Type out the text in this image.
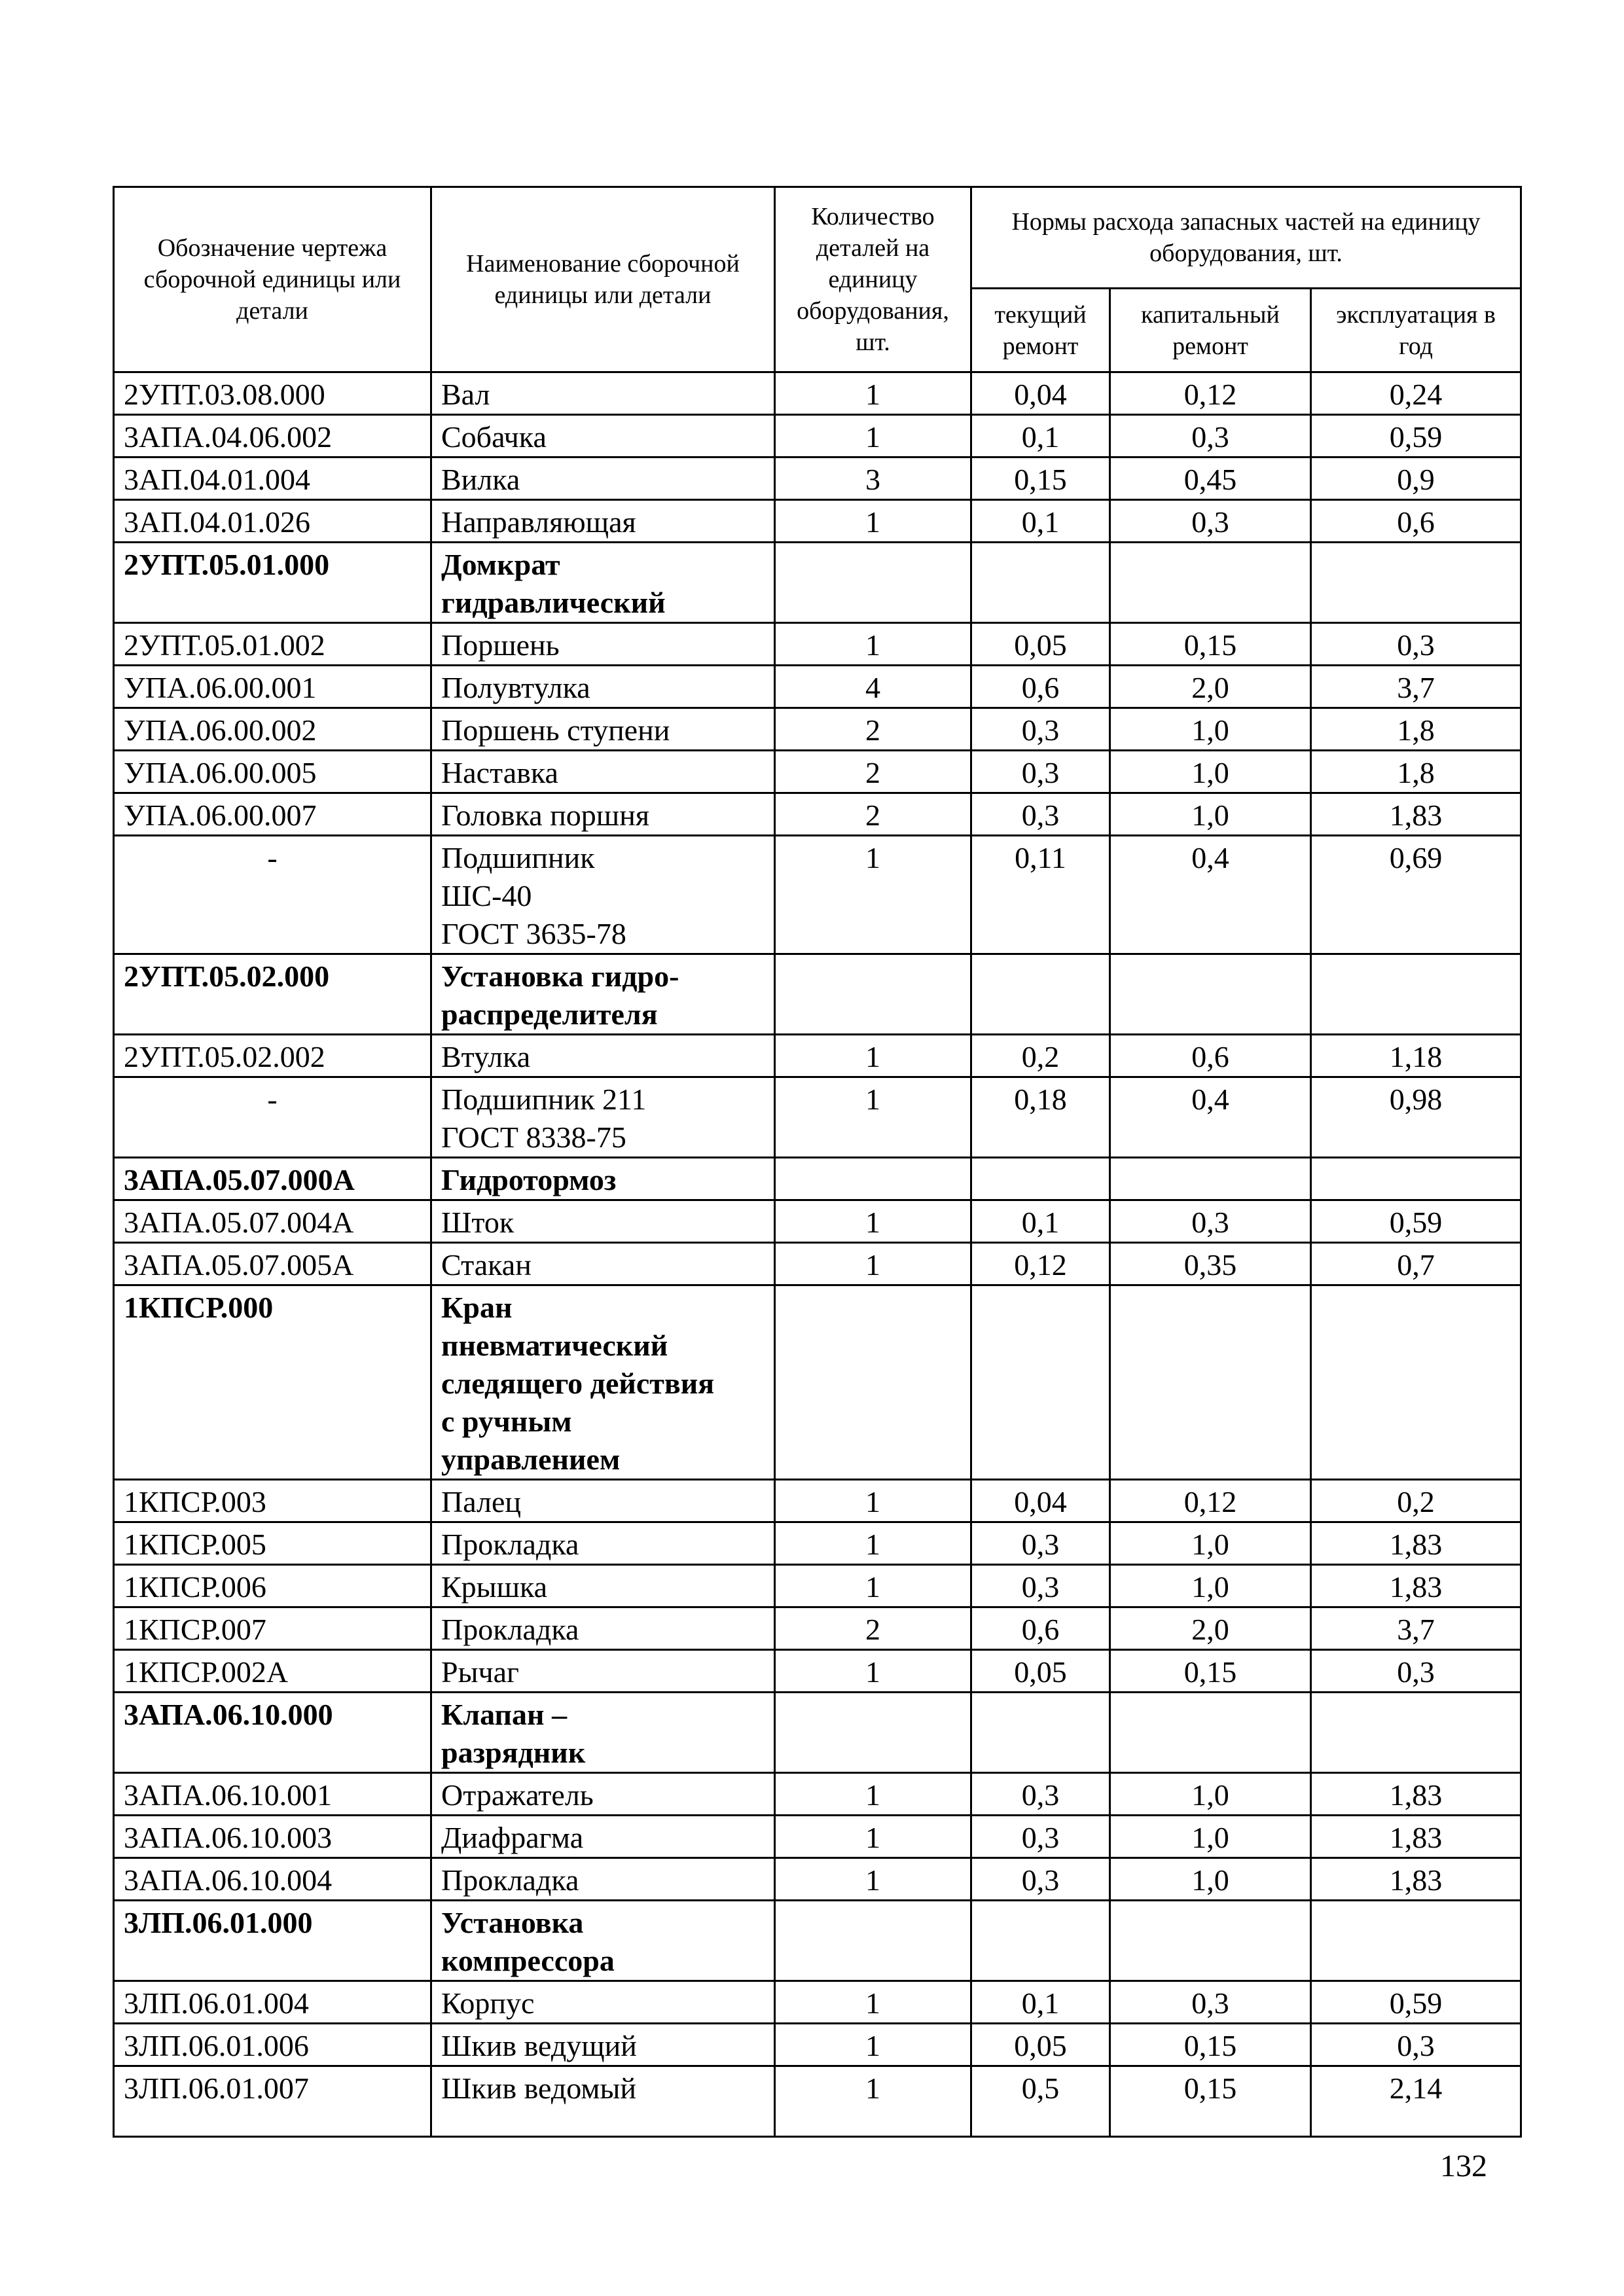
Обозначение чертежа сборочной единицы или детали	Наименование сборочной единицы или детали	Количество деталей на единицу оборудования, шт.	Нормы расхода запасных частей на единицу оборудования, шт.		
			текущий ремонт	капитальный ремонт	эксплуатация в год
2УПТ.03.08.000	Вал	1	0,04	0,12	0,24
3АПА.04.06.002	Собачка	1	0,1	0,3	0,59
3АП.04.01.004	Вилка	3	0,15	0,45	0,9
3АП.04.01.026	Направляющая	1	0,1	0,3	0,6
2УПТ.05.01.000	Домкрат гидравлический				
2УПТ.05.01.002	Поршень	1	0,05	0,15	0,3
УПА.06.00.001	Полувтулка	4	0,6	2,0	3,7
УПА.06.00.002	Поршень ступени	2	0,3	1,0	1,8
УПА.06.00.005	Наставка	2	0,3	1,0	1,8
УПА.06.00.007	Головка поршня	2	0,3	1,0	1,83
-	Подшипник
ШС-40
ГОСТ 3635-78	1	0,11	0,4	0,69
2УПТ.05.02.000	Установка гидро-распределителя				
2УПТ.05.02.002	Втулка	1	0,2	0,6	1,18
-	Подшипник 211
ГОСТ 8338-75	1	0,18	0,4	0,98
3АПА.05.07.000А	Гидротормоз				
3АПА.05.07.004А	Шток	1	0,1	0,3	0,59
3АПА.05.07.005А	Стакан	1	0,12	0,35	0,7
1КПСР.000	Кран
пневматический
следящего действия
с ручным
управлением				
1КПСР.003	Палец	1	0,04	0,12	0,2
1КПСР.005	Прокладка	1	0,3	1,0	1,83
1КПСР.006	Крышка	1	0,3	1,0	1,83
1КПСР.007	Прокладка	2	0,6	2,0	3,7
1КПСР.002А	Рычаг	1	0,05	0,15	0,3
3АПА.06.10.000	Клапан –
разрядник				
3АПА.06.10.001	Отражатель	1	0,3	1,0	1,83
3АПА.06.10.003	Диафрагма	1	0,3	1,0	1,83
3АПА.06.10.004	Прокладка	1	0,3	1,0	1,83
3ЛП.06.01.000	Установка
компрессора				
3ЛП.06.01.004	Корпус	1	0,1	0,3	0,59
3ЛП.06.01.006	Шкив ведущий	1	0,05	0,15	0,3
3ЛП.06.01.007	Шкив ведомый	1	0,5	0,15	2,14
132
